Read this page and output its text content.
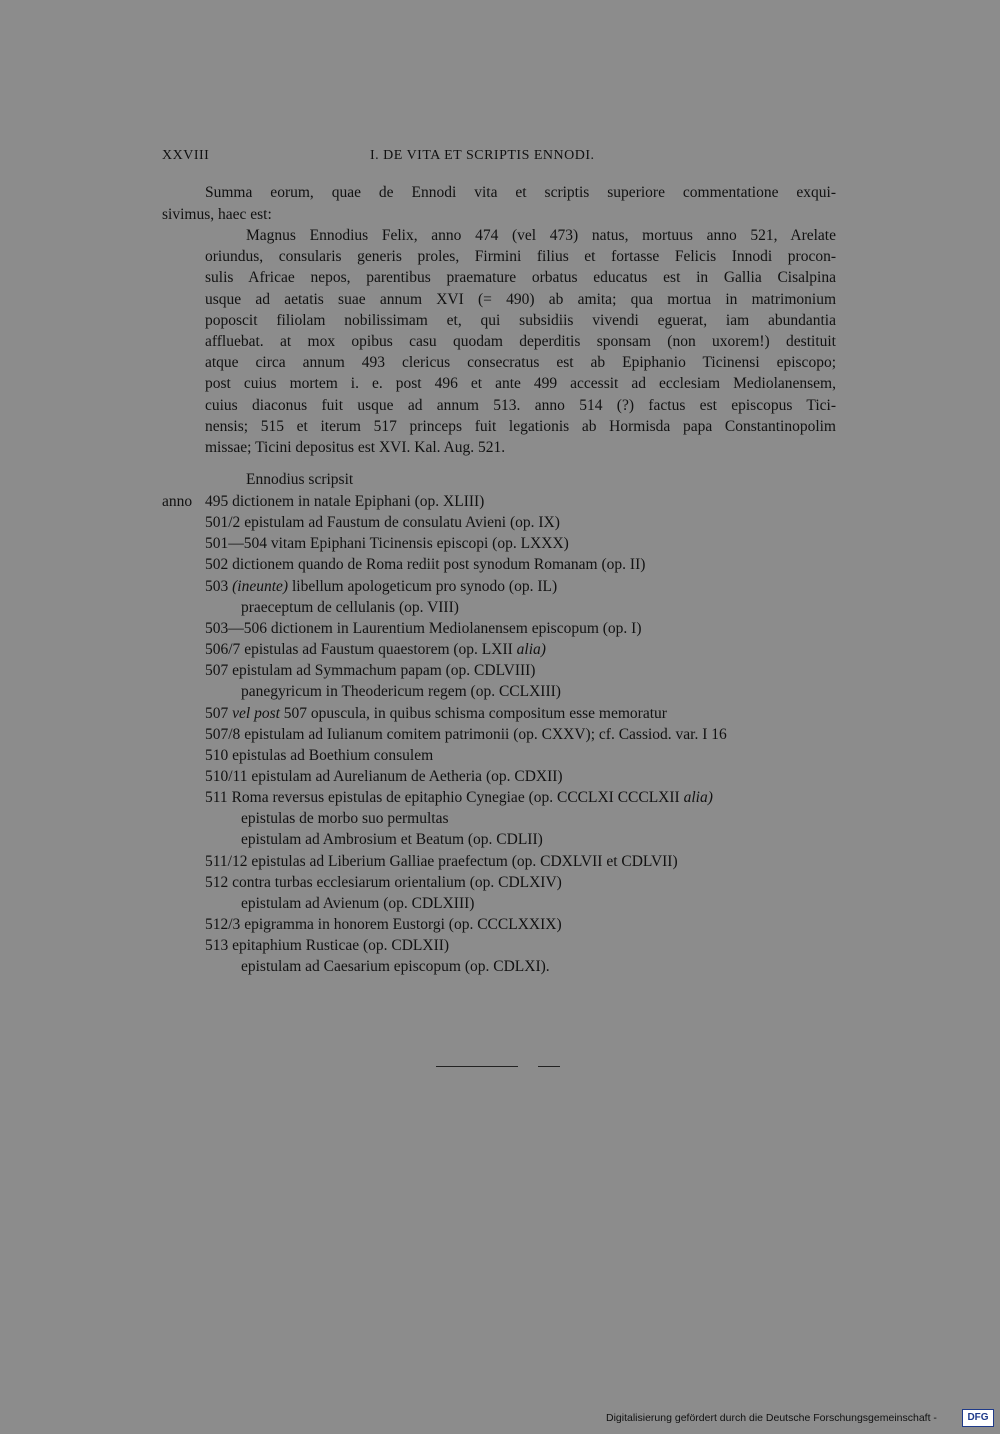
XXVIII	I. DE VITA ET SCRIPTIS ENNODI.
Summa eorum, quae de Ennodi vita et scriptis superiore commentatione exqui-
sivimus, haec est:
Magnus Ennodius Felix, anno 474 (vel 473) natus, mortuus anno 521, Arelate
oriundus, consularis generis proles, Firmini filius et fortasse Felicis Innodi procon-
sulis Africae nepos, parentibus praemature orbatus educatus est in Gallia Cisalpina
usque ad aetatis suae annum XVI (= 490) ab amita; qua mortua in matrimonium
poposcit filiolam nobilissimam et, qui subsidiis vivendi eguerat, iam abundantia
affluebat. at mox opibus casu quodam deperditis sponsam (non uxorem!) destituit
atque circa annum 493 clericus consecratus est ab Epiphanio Ticinensi episcopo;
post cuius mortem i. e. post 496 et ante 499 accessit ad ecclesiam Mediolanensem,
cuius diaconus fuit usque ad annum 513. anno 514 (?) factus est episcopus Tici-
nensis; 515 et iterum 517 princeps fuit legationis ab Hormisda papa Constantinopolim
missae; Ticini depositus est XVI. Kal. Aug. 521.
Ennodius scripsit
anno 495 dictionem in natale Epiphani (op. XLIII)
501/2 epistulam ad Faustum de consulatu Avieni (op. IX)
501—504 vitam Epiphani Ticinensis episcopi (op. LXXX)
502 dictionem quando de Roma rediit post synodum Romanam (op. II)
503 (ineunte) libellum apologeticum pro synodo (op. IL)
praeceptum de cellulanis (op. VIII)
503—506 dictionem in Laurentium Mediolanensem episcopum (op. I)
506/7 epistulas ad Faustum quaestorem (op. LXII alia)
507 epistulam ad Symmachum papam (op. CDLVIII)
panegyricum in Theodericum regem (op. CCLXIII)
507 vel post 507 opuscula, in quibus schisma compositum esse memoratur
507/8 epistulam ad Iulianum comitem patrimonii (op. CXXV); cf. Cassiod. var. I 16
510 epistulas ad Boethium consulem
510/11 epistulam ad Aurelianum de Aetheria (op. CDXII)
511 Roma reversus epistulas de epitaphio Cynegiae (op. CCCLXI CCCLXII alia)
epistulas de morbo suo permultas
epistulam ad Ambrosium et Beatum (op. CDLII)
511/12 epistulas ad Liberium Galliae praefectum (op. CDXLVII et CDLVII)
512 contra turbas ecclesiarum orientalium (op. CDLXIV)
epistulam ad Avienum (op. CDLXIII)
512/3 epigramma in honorem Eustorgi (op. CCCLXXIX)
513 epitaphium Rusticae (op. CDLXII)
epistulam ad Caesarium episcopum (op. CDLXI).
Digitalisierung gefördert durch die Deutsche Forschungsgemeinschaft -	DFG
